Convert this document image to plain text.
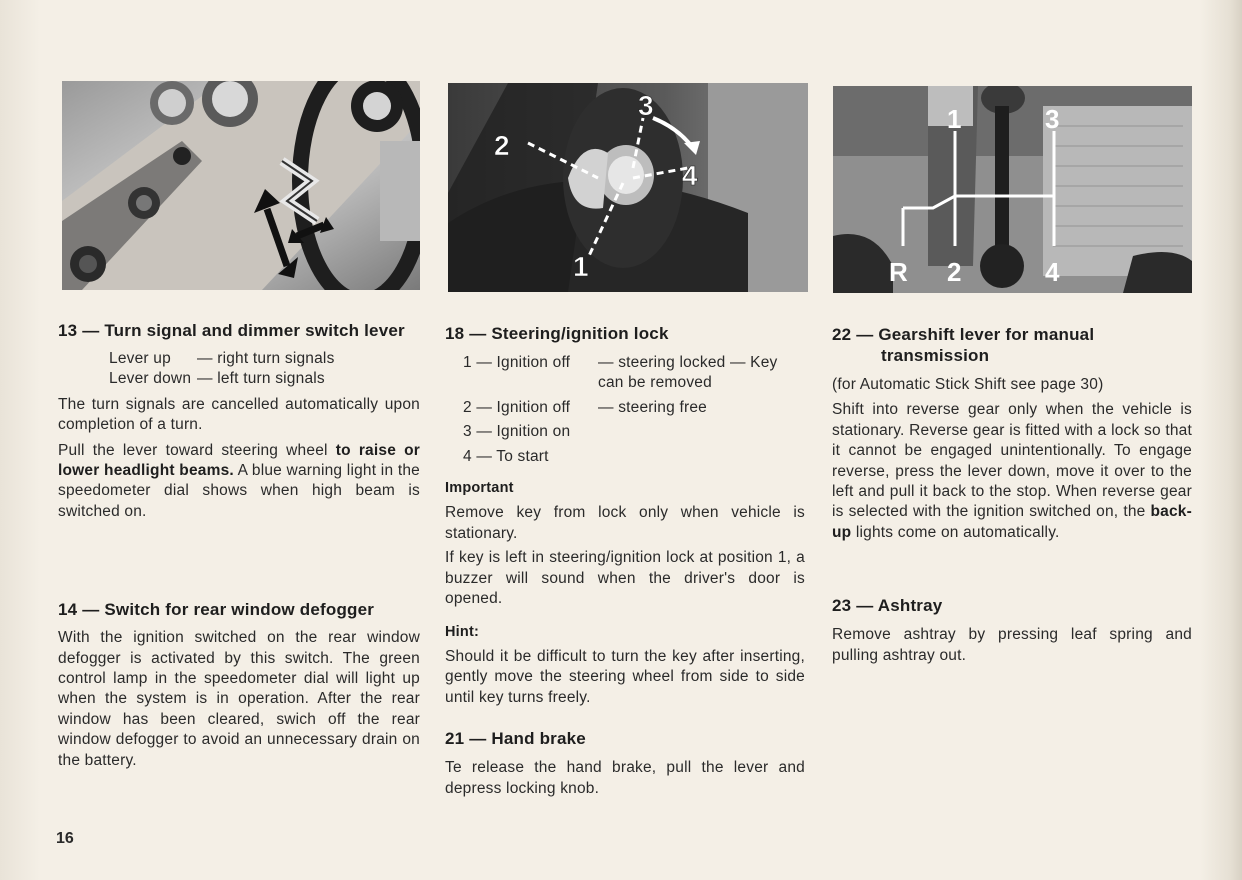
1
2
3
4
1
2
3
4
R
13 — Turn signal and dimmer switch lever
Lever up	— right turn signals
Lever down — left turn signals

The turn signals are cancelled automatically upon completion of a turn.

Pull the lever toward steering wheel to raise or lower headlight beams. A blue warning light in the speedometer dial shows when high beam is switched on.

14 — Switch for rear window defogger

With the ignition switched on the rear window defogger is activated by this switch. The green control lamp in the speedometer dial will light up when the system is in operation. After the rear window has been cleared, swich off the rear window defogger to avoid an unnecessary drain on the battery.

18 — Steering/ignition lock
1 — Ignition off	— steering locked — Key can be removed
2 — Ignition off	— steering free
3 — Ignition on
4 — To start

Important

Remove key from lock only when vehicle is stationary.

If key is left in steering/ignition lock at position 1, a buzzer will sound when the driver's door is opened.

Hint:

Should it be difficult to turn the key after inserting, gently move the steering wheel from side to side until key turns freely.

21 — Hand brake

Te release the hand brake, pull the lever and depress locking knob.

22 — Gearshift lever for manual
transmission

(for Automatic Stick Shift see page 30)

Shift into reverse gear only when the vehicle is stationary. Reverse gear is fitted with a lock so that it cannot be engaged unintentionally. To engage reverse, press the lever down, move it over to the left and pull it back to the stop. When reverse gear is selected with the ignition switched on, the back-up lights come on automatically.

23 — Ashtray

Remove ashtray by pressing leaf spring and pulling ashtray out.

16
